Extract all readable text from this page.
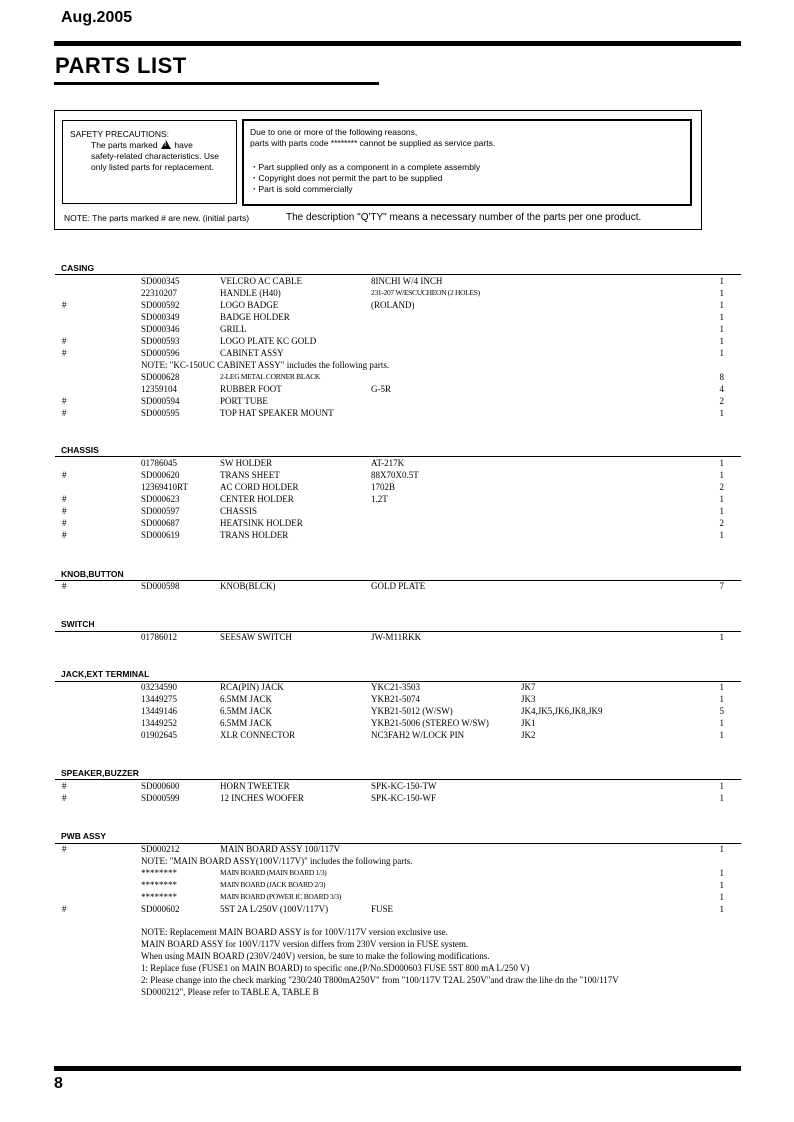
Aug.2005
PARTS LIST
SAFETY PRECAUTIONS:
The parts marked ! have
safety-related characteristics. Use
only listed parts for replacement.
Due to one or more of the following reasons,
parts with parts code ******** cannot be supplied as service parts.
・Part supplied only as a component in a complete assembly
・Copyright does not permit the part to be supplied
・Part is sold commercially
NOTE: The parts marked # are new. (initial parts)	The description "Q'TY" means a necessary number of the parts per one product.
CASING
SD000345	VELCRO AC CABLE	8INCHI W/4 INCH	1
22310207	HANDLE (H40)	231-207 W/ESCUCHEON (2 HOLES)	1
#	SD000592	LOGO BADGE	(ROLAND)	1
SD000349	BADGE HOLDER	1
SD000346	GRILL	1
#	SD000593	LOGO PLATE KC GOLD	1
#	SD000596	CABINET ASSY	1
NOTE: "KC-150UC CABINET ASSY" includes the following parts.
SD000628	2-LEG METAL CORNER BLACK	8
12359104	RUBBER FOOT	G-5R	4
#	SD000594	PORT TUBE	2
#	SD000595	TOP HAT SPEAKER MOUNT	1
CHASSIS
01786045	SW HOLDER	AT-217K	1
#	SD000620	TRANS SHEET	88X70X0.5T	1
12369410RT	AC CORD HOLDER	1702B	2
#	SD000623	CENTER HOLDER	1.2T	1
#	SD000597	CHASSIS	1
#	SD000687	HEATSINK HOLDER	2
#	SD000619	TRANS HOLDER	1
KNOB,BUTTON
#	SD000598	KNOB(BLCK)	GOLD PLATE	7
SWITCH
01786012	SEESAW SWITCH	JW-M11RKK	1
JACK,EXT TERMINAL
03234590	RCA(PIN) JACK	YKC21-3503	JK7	1
13449275	6.5MM JACK	YKB21-5074	JK3	1
13449146	6.5MM JACK	YKB21-5012 (W/SW)	JK4,JK5,JK6,JK8,JK9	5
13449252	6.5MM JACK	YKB21-5006 (STEREO W/SW)	JK1	1
01902645	XLR CONNECTOR	NC3FAH2 W/LOCK PIN	JK2	1
SPEAKER,BUZZER
#	SD000600	HORN TWEETER	SPK-KC-150-TW	1
#	SD000599	12 INCHES WOOFER	SPK-KC-150-WF	1
PWB ASSY
#	SD000212	MAIN BOARD ASSY 100/117V	1
NOTE: "MAIN BOARD ASSY(100V/117V)" includes the following parts.
********	MAIN BOARD (MAIN BOARD 1/3)	1
********	MAIN BOARD (JACK BOARD 2/3)	1
********	MAIN BOARD (POWER IC BOARD 3/3)	1
#	SD000602	5ST 2A L/250V (100V/117V)	FUSE	1
NOTE: Replacement MAIN BOARD ASSY is for 100V/117V version exclusive use.
MAIN BOARD ASSY for 100V/117V version differs from 230V version in FUSE system.
When using MAIN BOARD (230V/240V) version, be sure to make the following modifications.
1: Replace fuse (FUSE1 on MAIN BOARD) to specific one.(P/No.SD000603 FUSE 5ST 800 mA L/250 V)
2: Please change into the check marking "230/240 T800mA250V" from "100/117V T2AL 250V"and draw the lihe dn the "100/117V
SD000212", Please refer to TABLE A, TABLE B
8
